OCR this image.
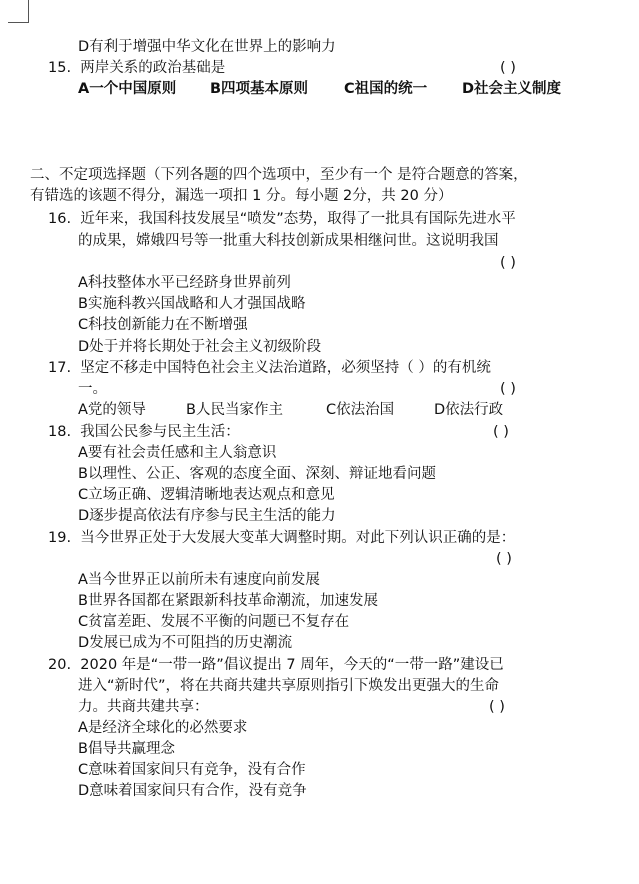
D有利于增强中华文化在世界上的影响力
15. 两岸关系的政治基础是	( )
A一个中国原则 B四项基本原则 C祖国的统一 D社会主义制度
二、不定项选择题（下列各题的四个选项中，至少有一个 是符合题意的答案，
有错选的该题不得分，漏选一项扣 1 分。每小题 2分，共 20 分）
16. 近年来，我国科技发展呈“喷发”态势，取得了一批具有国际先进水平
的成果，嫦娥四号等一批重大科技创新成果相继问世。这说明我国
( )
A科技整体水平已经跻身世界前列
B实施科教兴国战略和人才强国战略
C科技创新能力在不断增强
D处于并将长期处于社会主义初级阶段
17. 坚定不移走中国特色社会主义法治道路，必须坚持（ ）的有机统
一。	( )
A党的领导	B人民当家作主	C依法治国	D依法行政
18. 我国公民参与民主生活：	( )
A要有社会责任感和主人翁意识
B以理性、公正、客观的态度全面、深刻、辩证地看问题
C立场正确、逻辑清晰地表达观点和意见
D逐步提高依法有序参与民主生活的能力
19. 当今世界正处于大发展大变革大调整时期。对此下列认识正确的是：
( )
A当今世界正以前所未有速度向前发展
B世界各国都在紧跟新科技革命潮流，加速发展
C贫富差距、发展不平衡的问题已不复存在
D发展已成为不可阻挡的历史潮流
20. 2020 年是“一带一路”倡议提出 7 周年，今天的“一带一路”建设已
进入“新时代”，将在共商共建共享原则指引下焕发出更强大的生命
力。共商共建共享：	( )
A是经济全球化的必然要求
B倡导共赢理念
C意味着国家间只有竞争，没有合作
D意味着国家间只有合作，没有竞争
